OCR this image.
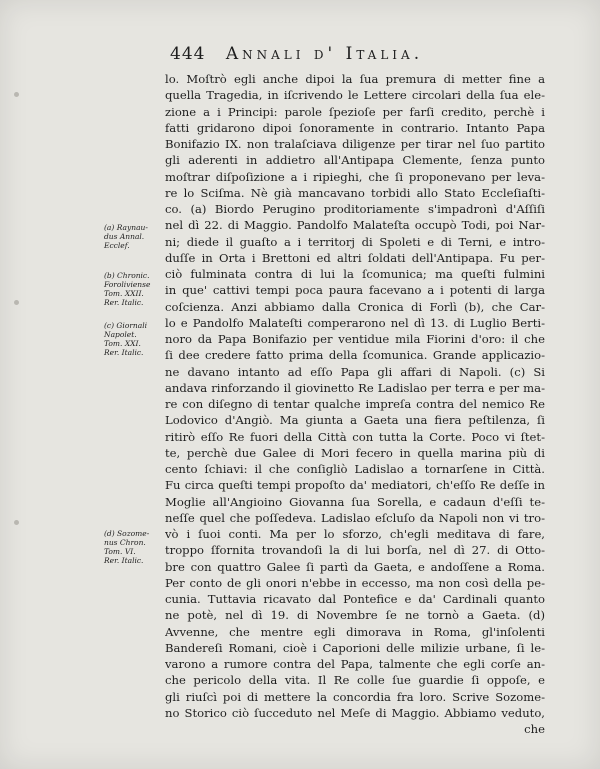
444 Annali d' Italia.
(a) Raynau-
dus Annal.
Ecclef.
(b) Chronic.
Foroliviense
Tom. XXII.
Rer. Italic.
(c) Giornali
Napolet.
Tom. XXI.
Rer. Italic.
(d) Sozome-
nus Chron.
Tom. VI.
Rer. Italic.
lo. Moſtrò egli anche dipoi la ſua premura di metter fine a
quella Tragedia, in iſcrivendo le Lettere circolari della ſua ele-
zione a i Principi: parole ſpezioſe per farſi credito, perchè i
fatti gridarono dipoi ſonoramente in contrario. Intanto Papa
Bonifazio IX. non tralaſciava diligenze per tirar nel ſuo partito
gli aderenti in addietro all'Antipapa Clemente, ſenza punto
moſtrar diſpoſizione a i ripieghi, che ſi proponevano per leva-
re lo Sciſma. Nè già mancavano torbidi allo Stato Eccleſiaſti-
co. (a) Biordo Perugino proditoriamente s'impadronì d'Aſſiſi
nel dì 22. di Maggio. Pandolfo Malateſta occupò Todi, poi Nar-
ni; diede il guaſto a i territorj di Spoleti e di Terni, e intro-
duſſe in Orta i Brettoni ed altri ſoldati dell'Antipapa. Fu per-
ciò fulminata contra di lui la ſcomunica; ma queſti fulmini
in que' cattivi tempi poca paura facevano a i potenti di larga
coſcienza. Anzi abbiamo dalla Cronica di Forlì (b), che Car-
lo e Pandolfo Malateſti comperarono nel dì 13. di Luglio Berti-
noro da Papa Bonifazio per ventidue mila Fiorini d'oro: il che
ſi dee credere fatto prima della ſcomunica. Grande applicazio-
ne davano intanto ad eſſo Papa gli affari di Napoli. (c) Si
andava rinforzando il giovinetto Re Ladislao per terra e per ma-
re con diſegno di tentar qualche impreſa contra del nemico Re
Lodovico d'Angiò. Ma giunta a Gaeta una fiera peſtilenza, ſi
ritirò eſſo Re fuori della Città con tutta la Corte. Poco vi ſtet-
te, perchè due Galee di Mori fecero in quella marina più di
cento ſchiavi: il che conſigliò Ladislao a tornarſene in Città.
Fu circa queſti tempi propoſto da' mediatori, ch'eſſo Re deſſe in
Moglie all'Angioino Giovanna ſua Sorella, e cadaun d'eſſi te-
neſſe quel che poſſedeva. Ladislao eſcluſo da Napoli non vi tro-
vò i ſuoi conti. Ma per lo sforzo, ch'egli meditava di fare,
troppo ſfornita trovandoſi la di lui borſa, nel dì 27. di Otto-
bre con quattro Galee ſi partì da Gaeta, e andoſſene a Roma.
Per conto de gli onori n'ebbe in eccesso, ma non così della pe-
cunia. Tuttavia ricavato dal Pontefice e da' Cardinali quanto
ne potè, nel dì 19. di Novembre ſe ne tornò a Gaeta. (d)
Avvenne, che mentre egli dimorava in Roma, gl'inſolenti
Bandereſi Romani, cioè i Caporioni delle milizie urbane, ſi le-
varono a rumore contra del Papa, talmente che egli corſe an-
che pericolo della vita. Il Re colle ſue guardie ſi oppoſe, e
gli riuſcì poi di mettere la concordia fra loro. Scrive Sozome-
no Storico ciò ſucceduto nel Meſe di Maggio. Abbiamo veduto,
che
